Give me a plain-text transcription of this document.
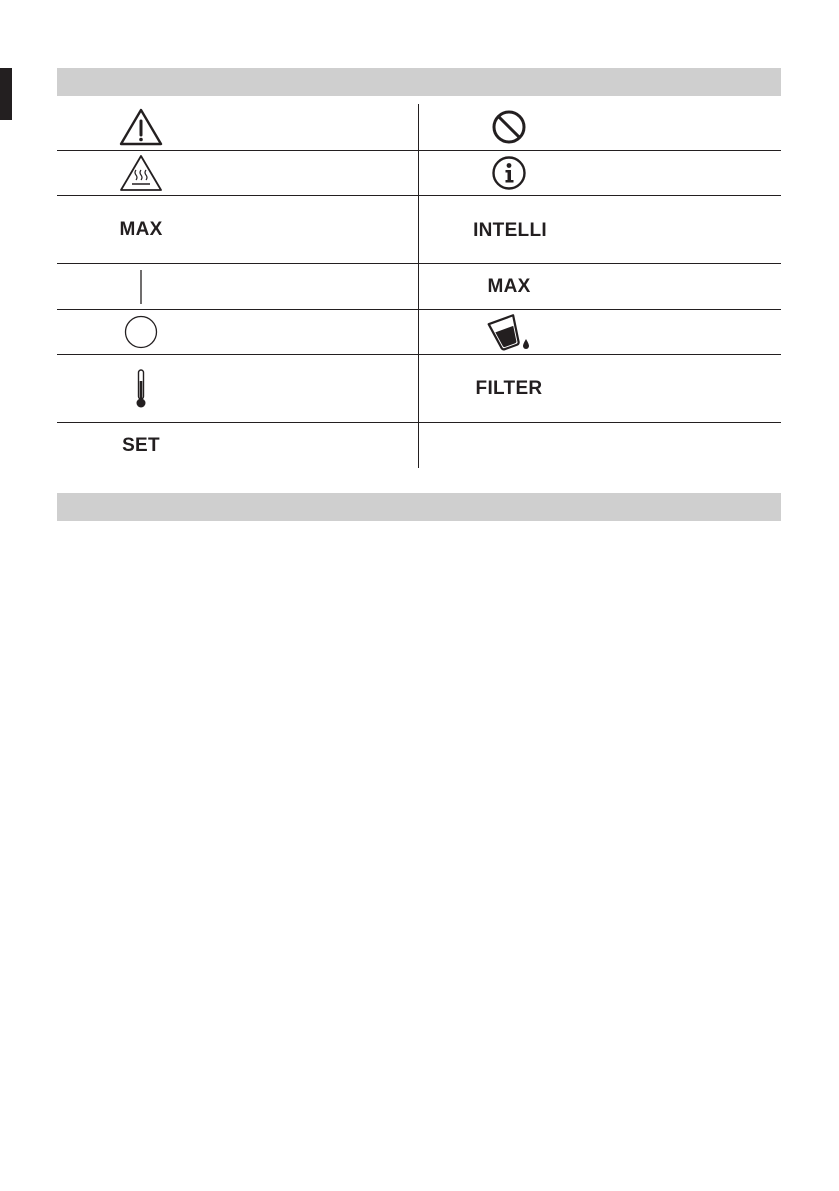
MAX	INTELLI
MAX
FILTER
SET
